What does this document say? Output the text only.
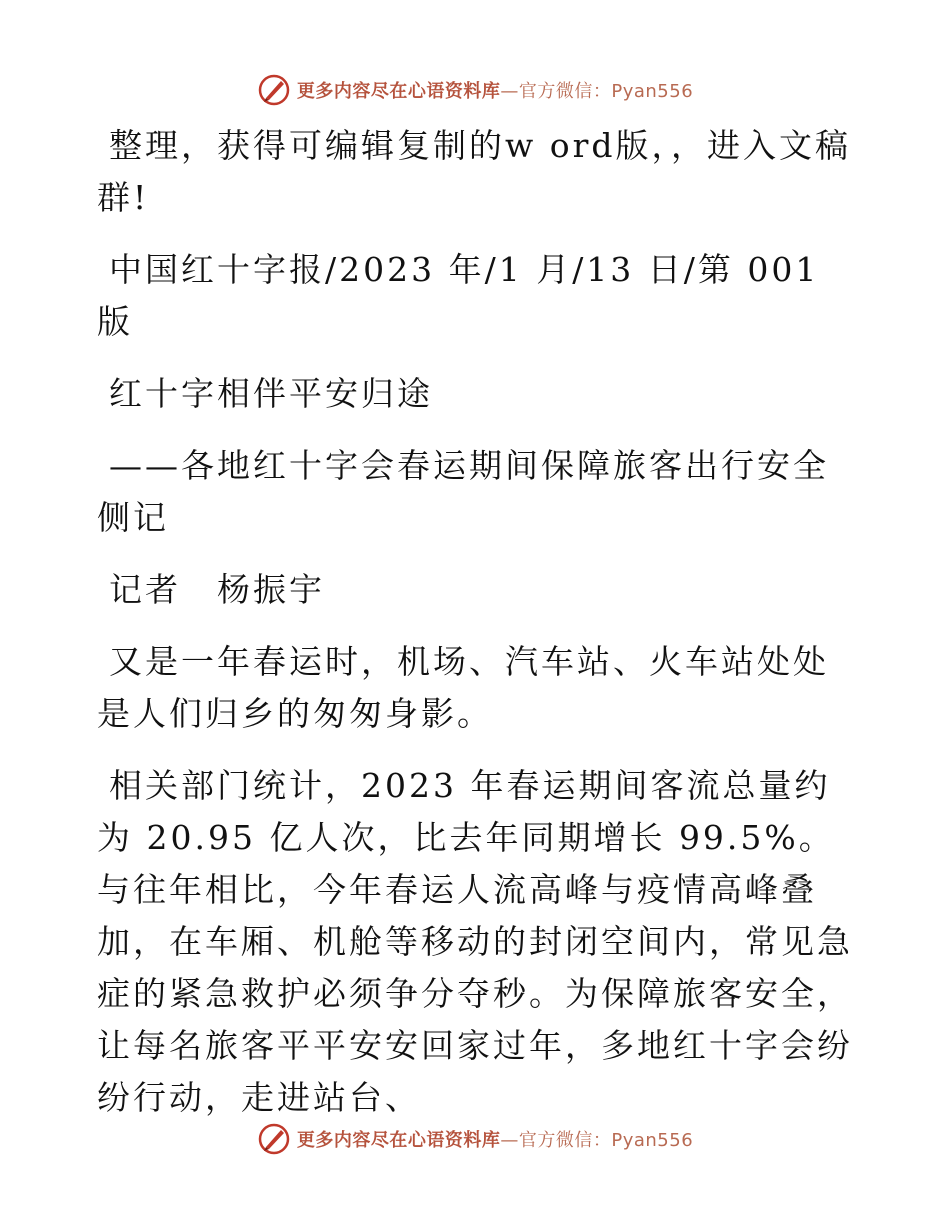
更多内容尽在心语资料库—官方微信：Pyan556

整理，获得可编辑复制的w ord版，，进入文稿群!

中国红十字报/2023 年/1 月/13 日/第 001 版

红十字相伴平安归途

——各地红十字会春运期间保障旅客出行安全侧记

记者　杨振宇

又是一年春运时，机场、汽车站、火车站处处是人们归乡的匆匆身影。

相关部门统计，2023 年春运期间客流总量约为 20.95 亿人次，比去年同期增长 99.5%。与往年相比，今年春运人流高峰与疫情高峰叠加，在车厢、机舱等移动的封闭空间内，常见急症的紧急救护必须争分夺秒。为保障旅客安全，让每名旅客平平安安回家过年，多地红十字会纷纷行动，走进站台、

更多内容尽在心语资料库—官方微信：Pyan556
